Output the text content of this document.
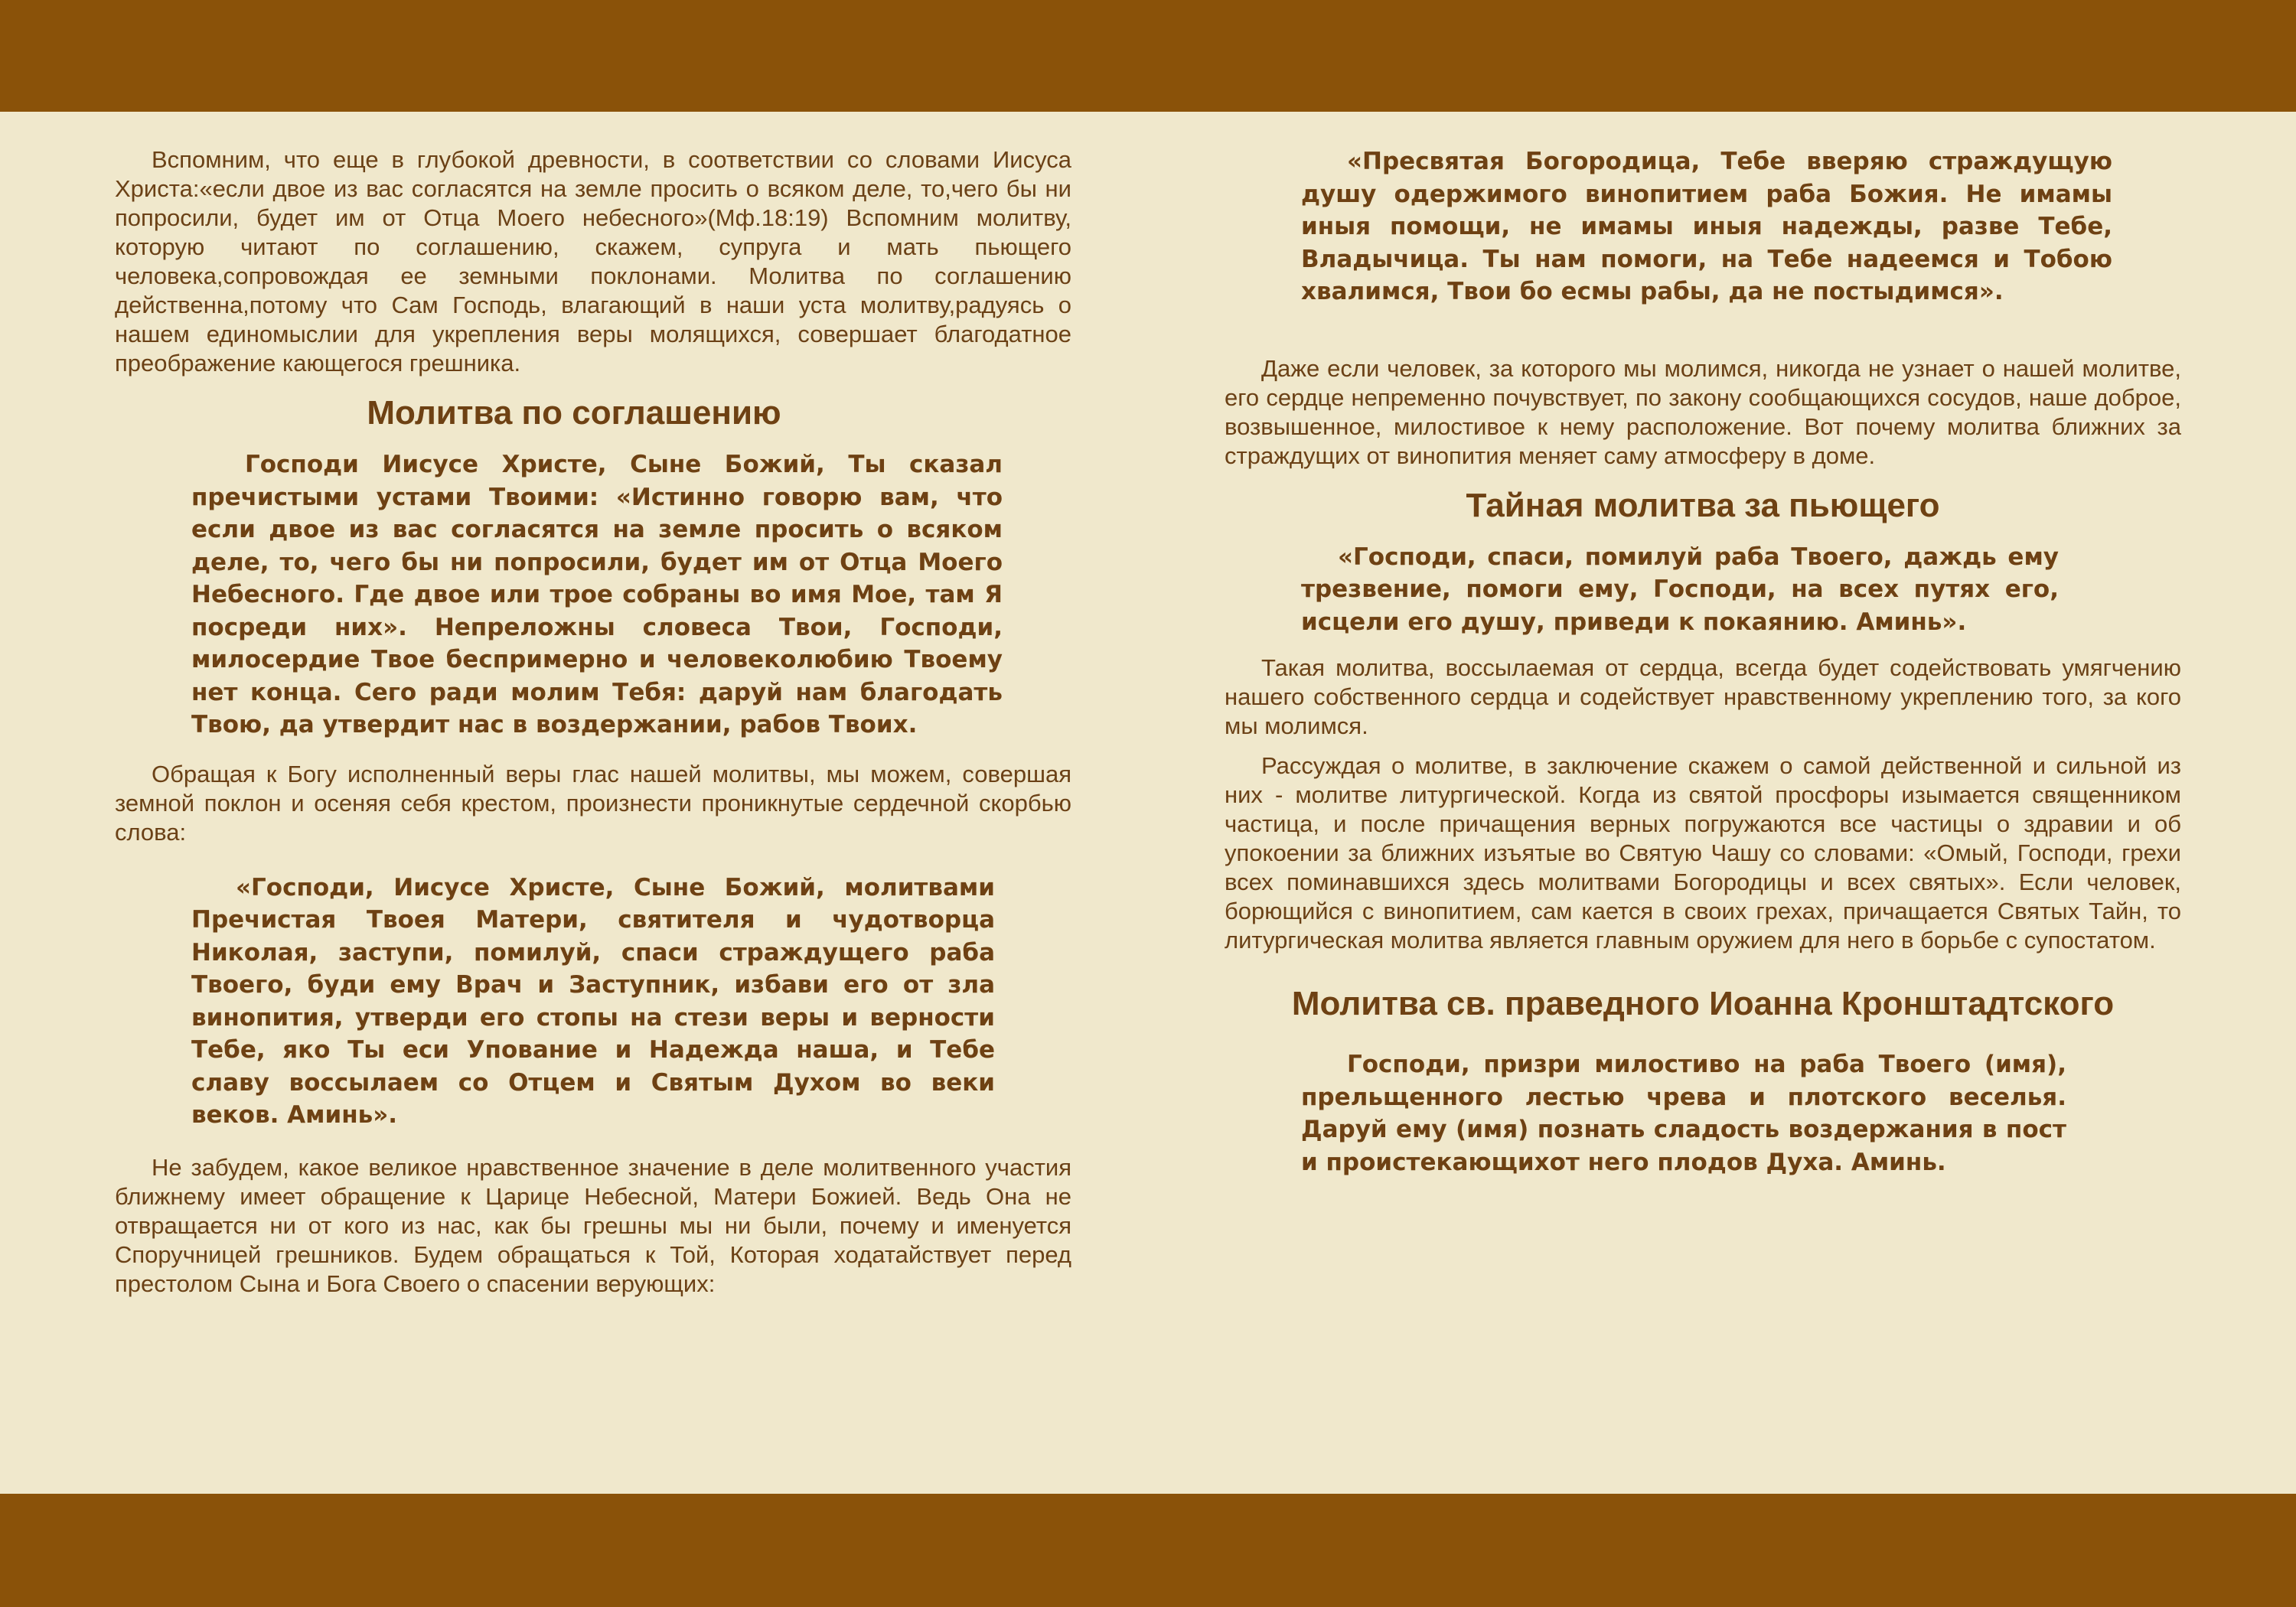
Вспомним, что еще в глубокой древности, в соответствии со словами Иисуса Христа:«если двое из вас согласятся на земле просить о всяком деле, то,чего бы ни попросили, будет им от Отца Моего небесного»(Мф.18:19) Вспомним молитву, которую читают по соглашению, скажем, супруга и мать пьющего человека,сопровождая ее земными поклонами. Молитва по соглашению действенна,потому что Сам Господь, влагающий в наши уста молитву,радуясь о нашем единомыслии для укрепления веры молящихся, совершает благодатное преображение кающегося грешника.

Молитва по соглашению

Господи Иисусе Христе, Сыне Божий, Ты сказал пречистыми устами Твоими: «Истинно говорю вам, что если двое из вас согласятся на земле просить о всяком деле, то, чего бы ни попросили, будет им от Отца Моего Небесного. Где двое или трое собраны во имя Мое, там Я посреди них». Непреложны словеса Твои, Господи, милосердие Твое беспримерно и человеколюбию Твоему нет конца. Сего ради молим Тебя: даруй нам благодать Твою, да утвердит нас в воздержании, рабов Твоих.

Обращая к Богу исполненный веры глас нашей молитвы, мы можем, совершая земной поклон и осеняя себя крестом, произнести проникнутые сердечной скорбью слова:

«Господи, Иисусе Христе, Сыне Божий, молитвами Пречистая Твоея Матери, святителя и чудотворца Николая, заступи, помилуй, спаси страждущего раба Твоего, буди ему Врач и Заступник, избави его от зла винопития, утверди его стопы на стези веры и верности Тебе, яко Ты еси Упование и Надежда наша, и Тебе славу воссылаем со Отцем и Святым Духом во веки веков. Аминь».

Не забудем, какое великое нравственное значение в деле молитвенного участия ближнему имеет обращение к Царице Небесной, Матери Божией. Ведь Она не отвращается ни от кого из нас, как бы грешны мы ни были, почему и именуется Споручницей грешников. Будем обращаться к Той, Которая ходатайствует перед престолом Сына и Бога Своего о спасении верующих:

«Пресвятая Богородица, Тебе вверяю страждущую душу одержимого винопитием раба Божия. Не имамы иныя помощи, не имамы иныя надежды, разве Тебе, Владычица. Ты нам помоги, на Тебе надеемся и Тобою хвалимся, Твои бо есмы рабы, да не постыдимся».

Даже если человек, за которого мы молимся, никогда не узнает о нашей молитве, его сердце непременно почувствует, по закону сообщающихся сосудов, наше доброе, возвышенное, милостивое к нему расположение. Вот почему молитва ближних за страждущих от винопития меняет саму атмосферу в доме.

Тайная молитва за пьющего

«Господи, спаси, помилуй раба Твоего, даждь ему трезвение, помоги ему, Господи, на всех путях его, исцели его душу, приведи к покаянию. Аминь».

Такая молитва, воссылаемая от сердца, всегда будет содействовать умягчению нашего собственного сердца и содействует нравственному укреплению того, за кого мы молимся.

Рассуждая о молитве, в заключение скажем о самой действенной и сильной из них - молитве литургической. Когда из святой просфоры изымается священником частица, и после причащения верных погружаются все частицы о здравии и об упокоении за ближних изъятые во Святую Чашу со словами: «Омый, Господи, грехи всех поминавшихся здесь молитвами Богородицы и всех святых». Если человек, борющийся с винопитием, сам кается в своих грехах, причащается Святых Тайн, то литургическая молитва является главным оружием для него в борьбе с супостатом.

Молитва св. праведного Иоанна Кронштадтского

Господи, призри милостиво на раба Твоего (имя), прельщенного лестью чрева и плотского веселья. Даруй ему (имя) познать сладость воздержания в пост и проистекающихот него плодов Духа. Аминь.
